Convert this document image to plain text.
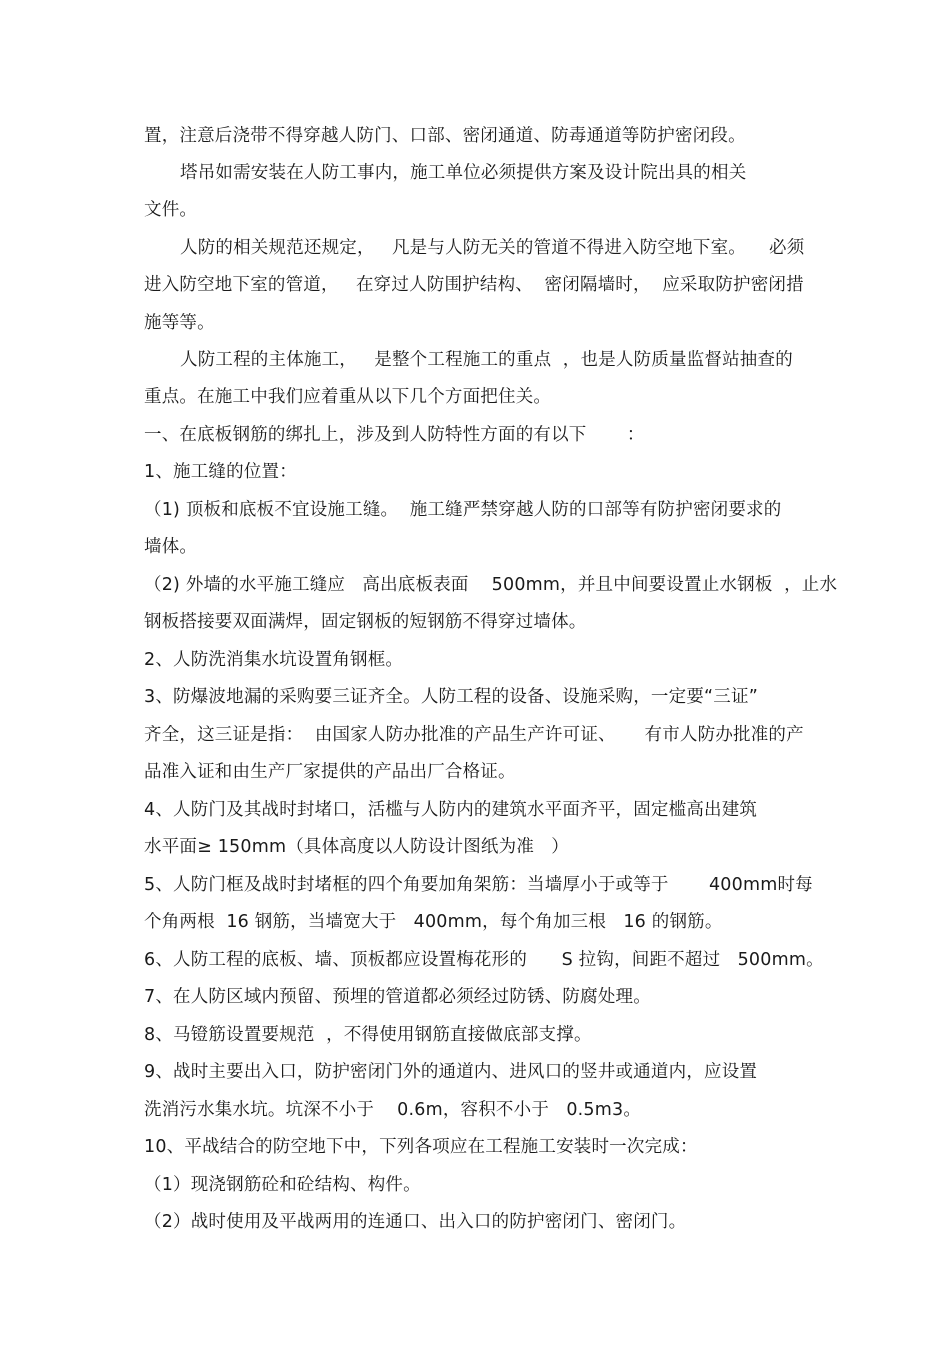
置，注意后浇带不得穿越人防门、口部、密闭通道、防毒通道等防护密闭段。
塔吊如需安装在人防工事内，施工单位必须提供方案及设计院出具的相关
文件。
人防的相关规范还规定，   凡是与人防无关的管道不得进入防空地下室。    必须
进入防空地下室的管道，   在穿过人防围护结构、  密闭隔墙时，  应采取防护密闭措
施等等。
人防工程的主体施工，   是整个工程施工的重点  ，也是人防质量监督站抽查的
重点。在施工中我们应着重从以下几个方面把住关。
一、在底板钢筋的绑扎上，涉及到人防特性方面的有以下       ：
1、施工缝的位置：
（1) 顶板和底板不宜设施工缝。  施工缝严禁穿越人防的口部等有防护密闭要求的
墙体。
（2) 外墙的水平施工缝应   高出底板表面    500mm，并且中间要设置止水钢板  ，止水
钢板搭接要双面满焊，固定钢板的短钢筋不得穿过墙体。
2、人防洗消集水坑设置角钢框。
3、防爆波地漏的采购要三证齐全。人防工程的设备、设施采购，一定要“三证”
齐全，这三证是指：  由国家人防办批准的产品生产许可证、     有市人防办批准的产
品准入证和由生产厂家提供的产品出厂合格证。
4、人防门及其战时封堵口，活槛与人防内的建筑水平面齐平，固定槛高出建筑
水平面≥ 150mm（具体高度以人防设计图纸为准   ）
5、人防门框及战时封堵框的四个角要加角架筋：当墙厚小于或等于       400mm时每
个角两根  16 钢筋，当墙宽大于   400mm，每个角加三根   16 的钢筋。
6、人防工程的底板、墙、顶板都应设置梅花形的      S 拉钩，间距不超过   500mm。
7、在人防区域内预留、预埋的管道都必须经过防锈、防腐处理。
8、马镫筋设置要规范  ，不得使用钢筋直接做底部支撑。
9、战时主要出入口，防护密闭门外的通道内、进风口的竖井或通道内，应设置
洗消污水集水坑。坑深不小于    0.6m，容积不小于   0.5m3。
10、平战结合的防空地下中，下列各项应在工程施工安装时一次完成：
（1）现浇钢筋砼和砼结构、构件。
（2）战时使用及平战两用的连通口、出入口的防护密闭门、密闭门。
